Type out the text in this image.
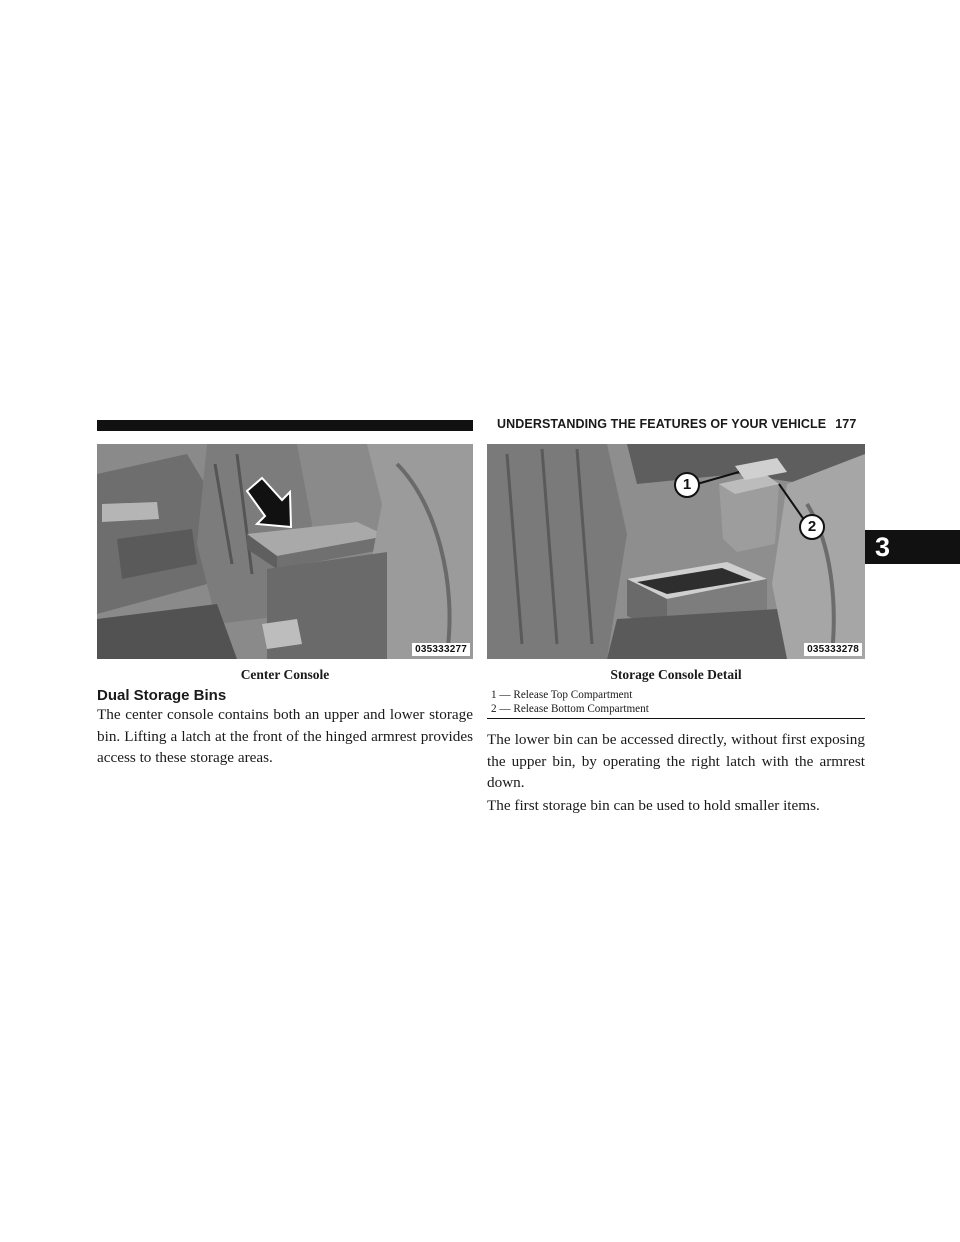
UNDERSTANDING THE FEATURES OF YOUR VEHICLE 177
3
035333277
Center Console
1
2
035333278
Storage Console Detail
1 — Release Top Compartment
2 — Release Bottom Compartment
Dual Storage Bins
The center console contains both an upper and lower storage bin. Lifting a latch at the front of the hinged armrest provides access to these storage areas.
The lower bin can be accessed directly, without first exposing the upper bin, by operating the right latch with the armrest down.
The first storage bin can be used to hold smaller items.
